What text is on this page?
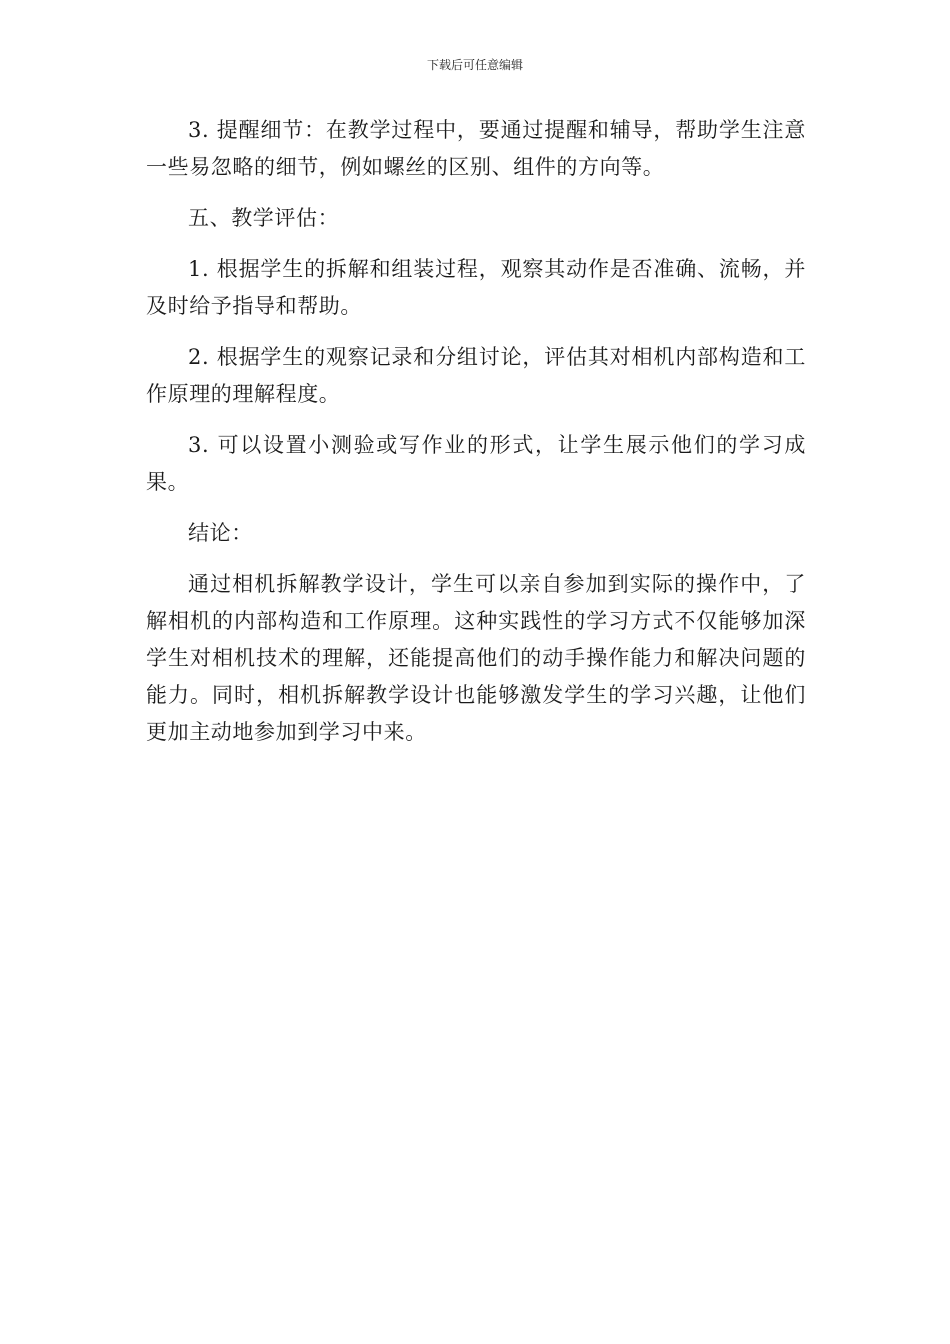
下载后可任意编辑

3. 提醒细节：在教学过程中，要通过提醒和辅导，帮助学生注意一些易忽略的细节，例如螺丝的区别、组件的方向等。

五、教学评估：

1. 根据学生的拆解和组装过程，观察其动作是否准确、流畅，并及时给予指导和帮助。

2. 根据学生的观察记录和分组讨论，评估其对相机内部构造和工作原理的理解程度。

3. 可以设置小测验或写作业的形式，让学生展示他们的学习成果。

结论：

通过相机拆解教学设计，学生可以亲自参加到实际的操作中，了解相机的内部构造和工作原理。这种实践性的学习方式不仅能够加深学生对相机技术的理解，还能提高他们的动手操作能力和解决问题的能力。同时，相机拆解教学设计也能够激发学生的学习兴趣，让他们更加主动地参加到学习中来。
